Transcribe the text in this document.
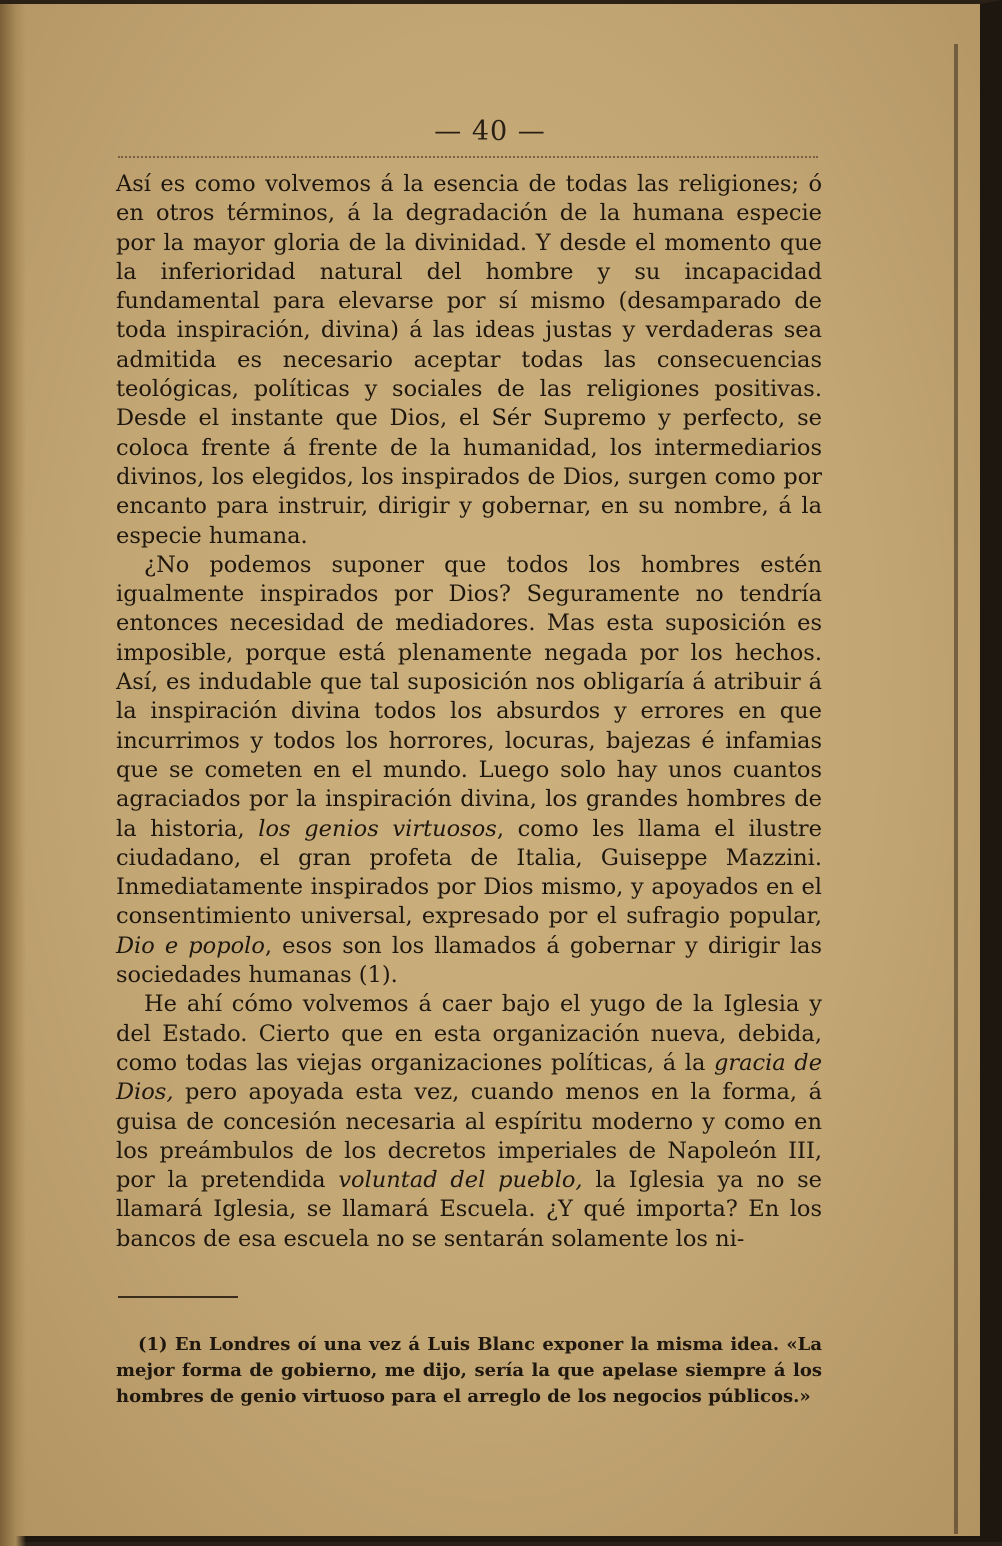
— 40 —

Así es como volvemos á la esencia de todas las religiones; ó en otros términos, á la degradación de la humana especie por la mayor gloria de la divinidad. Y desde el momento que la inferioridad natural del hombre y su incapacidad fundamental para elevarse por sí mismo (desamparado de toda inspiración, divina) á las ideas justas y verdaderas sea admitida es necesario aceptar todas las consecuencias teológicas, políticas y sociales de las religiones positivas. Desde el instante que Dios, el Sér Supremo y perfecto, se coloca frente á frente de la humanidad, los intermediarios divinos, los elegidos, los inspirados de Dios, surgen como por encanto para instruir, dirigir y gobernar, en su nombre, á la especie humana.

¿No podemos suponer que todos los hombres estén igualmente inspirados por Dios? Seguramente no tendría entonces necesidad de mediadores. Mas esta suposición es imposible, porque está plenamente negada por los hechos. Así, es indudable que tal suposición nos obligaría á atribuir á la inspiración divina todos los absurdos y errores en que incurrimos y todos los horrores, locuras, bajezas é infamias que se cometen en el mundo. Luego solo hay unos cuantos agraciados por la inspiración divina, los grandes hombres de la historia, los genios virtuosos, como les llama el ilustre ciudadano, el gran profeta de Italia, Guiseppe Mazzini. Inmediatamente inspirados por Dios mismo, y apoyados en el consentimiento universal, expresado por el sufragio popular, Dio e popolo, esos son los llamados á gobernar y dirigir las sociedades humanas (1).

He ahí cómo volvemos á caer bajo el yugo de la Iglesia y del Estado. Cierto que en esta organización nueva, debida, como todas las viejas organizaciones políticas, á la gracia de Dios, pero apoyada esta vez, cuando menos en la forma, á guisa de concesión necesaria al espíritu moderno y como en los preámbulos de los decretos imperiales de Napoleón III, por la pretendida voluntad del pueblo, la Iglesia ya no se llamará Iglesia, se llamará Escuela. ¿Y qué importa? En los bancos de esa escuela no se sentarán solamente los ni-

(1) En Londres oí una vez á Luis Blanc exponer la misma idea. «La mejor forma de gobierno, me dijo, sería la que apelase siempre á los hombres de genio virtuoso para el arreglo de los negocios públicos.»
